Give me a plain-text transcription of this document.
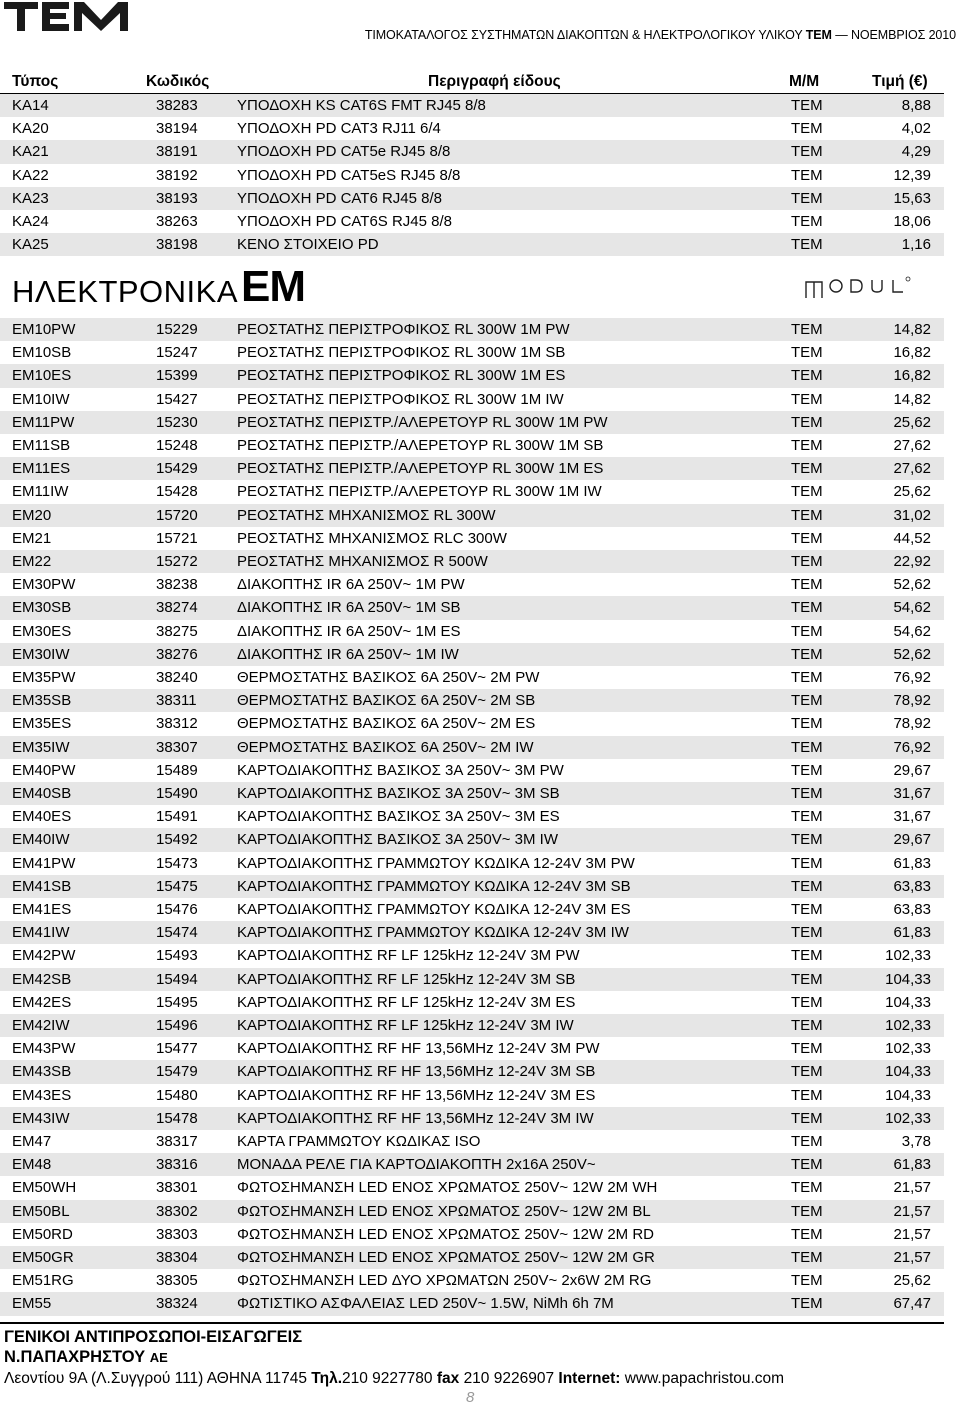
ΤΙΜΟΚΑΤΑΛΟΓΟΣ ΣΥΣΤΗΜΑΤΩΝ ΔΙΑΚΟΠΤΩΝ & ΗΛΕΚΤΡΟΛΟΓΙΚΟΥ ΥΛΙΚΟΥ TEM — ΝΟΕΜΒΡΙΟΣ 2010
Τύπος	Κωδικός	Περιγραφή είδους	Μ/Μ	Τιμή (€)
KA14	38283	ΥΠΟΔΟΧΗ KS CAT6S FMT RJ45 8/8	TEM	8,88
KA20	38194	ΥΠΟΔΟΧΗ PD CAT3 RJ11 6/4	TEM	4,02
KA21	38191	ΥΠΟΔΟΧΗ PD CAT5e RJ45 8/8	TEM	4,29
KA22	38192	ΥΠΟΔΟΧΗ PD CAT5eS RJ45 8/8	TEM	12,39
KA23	38193	ΥΠΟΔΟΧΗ PD CAT6 RJ45 8/8	TEM	15,63
KA24	38263	ΥΠΟΔΟΧΗ PD CAT6S RJ45 8/8	TEM	18,06
KA25	38198	ΚΕΝΟ ΣΤΟΙΧΕΙΟ PD	TEM	1,16
ΗΛΕΚΤΡΟΝΙΚΑ EM
EM10PW	15229	ΡΕΟΣΤΑΤΗΣ ΠΕΡΙΣΤΡΟΦΙΚΟΣ RL 300W 1M PW	TEM	14,82
EM10SB	15247	ΡΕΟΣΤΑΤΗΣ ΠΕΡΙΣΤΡΟΦΙΚΟΣ RL 300W 1M SB	TEM	16,82
EM10ES	15399	ΡΕΟΣΤΑΤΗΣ ΠΕΡΙΣΤΡΟΦΙΚΟΣ RL 300W 1M ES	TEM	16,82
EM10IW	15427	ΡΕΟΣΤΑΤΗΣ ΠΕΡΙΣΤΡΟΦΙΚΟΣ RL 300W 1M IW	TEM	14,82
EM11PW	15230	ΡΕΟΣΤΑΤΗΣ ΠΕΡΙΣΤΡ./ΑΛΕΡΕΤΟΥΡ RL 300W 1M PW	TEM	25,62
EM11SB	15248	ΡΕΟΣΤΑΤΗΣ ΠΕΡΙΣΤΡ./ΑΛΕΡΕΤΟΥΡ RL 300W 1M SB	TEM	27,62
EM11ES	15429	ΡΕΟΣΤΑΤΗΣ ΠΕΡΙΣΤΡ./ΑΛΕΡΕΤΟΥΡ RL 300W 1M ES	TEM	27,62
EM11IW	15428	ΡΕΟΣΤΑΤΗΣ ΠΕΡΙΣΤΡ./ΑΛΕΡΕΤΟΥΡ RL 300W 1M IW	TEM	25,62
EM20	15720	ΡΕΟΣΤΑΤΗΣ ΜΗΧΑΝΙΣΜΟΣ RL 300W	TEM	31,02
EM21	15721	ΡΕΟΣΤΑΤΗΣ ΜΗΧΑΝΙΣΜΟΣ RLC 300W	TEM	44,52
EM22	15272	ΡΕΟΣΤΑΤΗΣ ΜΗΧΑΝΙΣΜΟΣ R 500W	TEM	22,92
EM30PW	38238	ΔΙΑΚΟΠΤΗΣ IR 6A 250V~ 1M PW	TEM	52,62
EM30SB	38274	ΔΙΑΚΟΠΤΗΣ IR 6A 250V~ 1M SB	TEM	54,62
EM30ES	38275	ΔΙΑΚΟΠΤΗΣ IR 6A 250V~ 1M ES	TEM	54,62
EM30IW	38276	ΔΙΑΚΟΠΤΗΣ IR 6A 250V~ 1M IW	TEM	52,62
EM35PW	38240	ΘΕΡΜΟΣΤΑΤΗΣ ΒΑΣΙΚΟΣ 6A 250V~ 2M PW	TEM	76,92
EM35SB	38311	ΘΕΡΜΟΣΤΑΤΗΣ ΒΑΣΙΚΟΣ 6A 250V~ 2M SB	TEM	78,92
EM35ES	38312	ΘΕΡΜΟΣΤΑΤΗΣ ΒΑΣΙΚΟΣ 6A 250V~ 2M ES	TEM	78,92
EM35IW	38307	ΘΕΡΜΟΣΤΑΤΗΣ ΒΑΣΙΚΟΣ 6A 250V~ 2M IW	TEM	76,92
EM40PW	15489	ΚΑΡΤΟΔΙΑΚΟΠΤΗΣ ΒΑΣΙΚΟΣ 3A 250V~ 3M PW	TEM	29,67
EM40SB	15490	ΚΑΡΤΟΔΙΑΚΟΠΤΗΣ ΒΑΣΙΚΟΣ 3A 250V~ 3M SB	TEM	31,67
EM40ES	15491	ΚΑΡΤΟΔΙΑΚΟΠΤΗΣ ΒΑΣΙΚΟΣ 3A 250V~ 3M ES	TEM	31,67
EM40IW	15492	ΚΑΡΤΟΔΙΑΚΟΠΤΗΣ ΒΑΣΙΚΟΣ 3A 250V~ 3M IW	TEM	29,67
EM41PW	15473	ΚΑΡΤΟΔΙΑΚΟΠΤΗΣ ΓΡΑΜΜΩΤΟΥ ΚΩΔΙΚΑ 12-24V 3M PW	TEM	61,83
EM41SB	15475	ΚΑΡΤΟΔΙΑΚΟΠΤΗΣ ΓΡΑΜΜΩΤΟΥ ΚΩΔΙΚΑ 12-24V 3M SB	TEM	63,83
EM41ES	15476	ΚΑΡΤΟΔΙΑΚΟΠΤΗΣ ΓΡΑΜΜΩΤΟΥ ΚΩΔΙΚΑ 12-24V 3M ES	TEM	63,83
EM41IW	15474	ΚΑΡΤΟΔΙΑΚΟΠΤΗΣ ΓΡΑΜΜΩΤΟΥ ΚΩΔΙΚΑ 12-24V 3M IW	TEM	61,83
EM42PW	15493	ΚΑΡΤΟΔΙΑΚΟΠΤΗΣ RF LF 125kHz 12-24V 3M PW	TEM	102,33
EM42SB	15494	ΚΑΡΤΟΔΙΑΚΟΠΤΗΣ RF LF 125kHz 12-24V 3M SB	TEM	104,33
EM42ES	15495	ΚΑΡΤΟΔΙΑΚΟΠΤΗΣ RF LF 125kHz 12-24V 3M ES	TEM	104,33
EM42IW	15496	ΚΑΡΤΟΔΙΑΚΟΠΤΗΣ RF LF 125kHz 12-24V 3M IW	TEM	102,33
EM43PW	15477	ΚΑΡΤΟΔΙΑΚΟΠΤΗΣ RF HF 13,56MHz 12-24V 3M PW	TEM	102,33
EM43SB	15479	ΚΑΡΤΟΔΙΑΚΟΠΤΗΣ RF HF 13,56MHz 12-24V 3M SB	TEM	104,33
EM43ES	15480	ΚΑΡΤΟΔΙΑΚΟΠΤΗΣ RF HF 13,56MHz 12-24V 3M ES	TEM	104,33
EM43IW	15478	ΚΑΡΤΟΔΙΑΚΟΠΤΗΣ RF HF 13,56MHz 12-24V 3M IW	TEM	102,33
EM47	38317	ΚΑΡΤΑ ΓΡΑΜΜΩΤΟΥ ΚΩΔΙΚΑΣ ISO	TEM	3,78
EM48	38316	ΜΟΝΑΔΑ ΡΕΛΕ ΓΙΑ ΚΑΡΤΟΔΙΑΚΟΠΤΗ 2x16A 250V~	TEM	61,83
EM50WH	38301	ΦΩΤΟΣΗΜΑΝΣΗ LED ΕΝΟΣ ΧΡΩΜΑΤΟΣ 250V~ 12W 2M WH	TEM	21,57
EM50BL	38302	ΦΩΤΟΣΗΜΑΝΣΗ LED ΕΝΟΣ ΧΡΩΜΑΤΟΣ 250V~ 12W 2M BL	TEM	21,57
EM50RD	38303	ΦΩΤΟΣΗΜΑΝΣΗ LED ΕΝΟΣ ΧΡΩΜΑΤΟΣ 250V~ 12W 2M RD	TEM	21,57
EM50GR	38304	ΦΩΤΟΣΗΜΑΝΣΗ LED ΕΝΟΣ ΧΡΩΜΑΤΟΣ 250V~ 12W 2M GR	TEM	21,57
EM51RG	38305	ΦΩΤΟΣΗΜΑΝΣΗ LED ΔΥΟ ΧΡΩΜΑΤΩΝ 250V~ 2x6W 2M RG	TEM	25,62
EM55	38324	ΦΩΤΙΣΤΙΚΟ ΑΣΦΑΛΕΙΑΣ LED 250V~ 1.5W, NiMh 6h 7M	TEM	67,47
ΓΕΝΙΚΟΙ ΑΝΤΙΠΡΟΣΩΠΟΙ-ΕΙΣΑΓΩΓΕΙΣ
Ν.ΠΑΠΑΧΡΗΣΤΟΥ ΑΕ
Λεοντίου 9Α (Λ.Συγγρού 111) ΑΘΗΝΑ 11745 Τηλ.210 9227780 fax 210 9226907 Internet: www.papachristou.com
8
